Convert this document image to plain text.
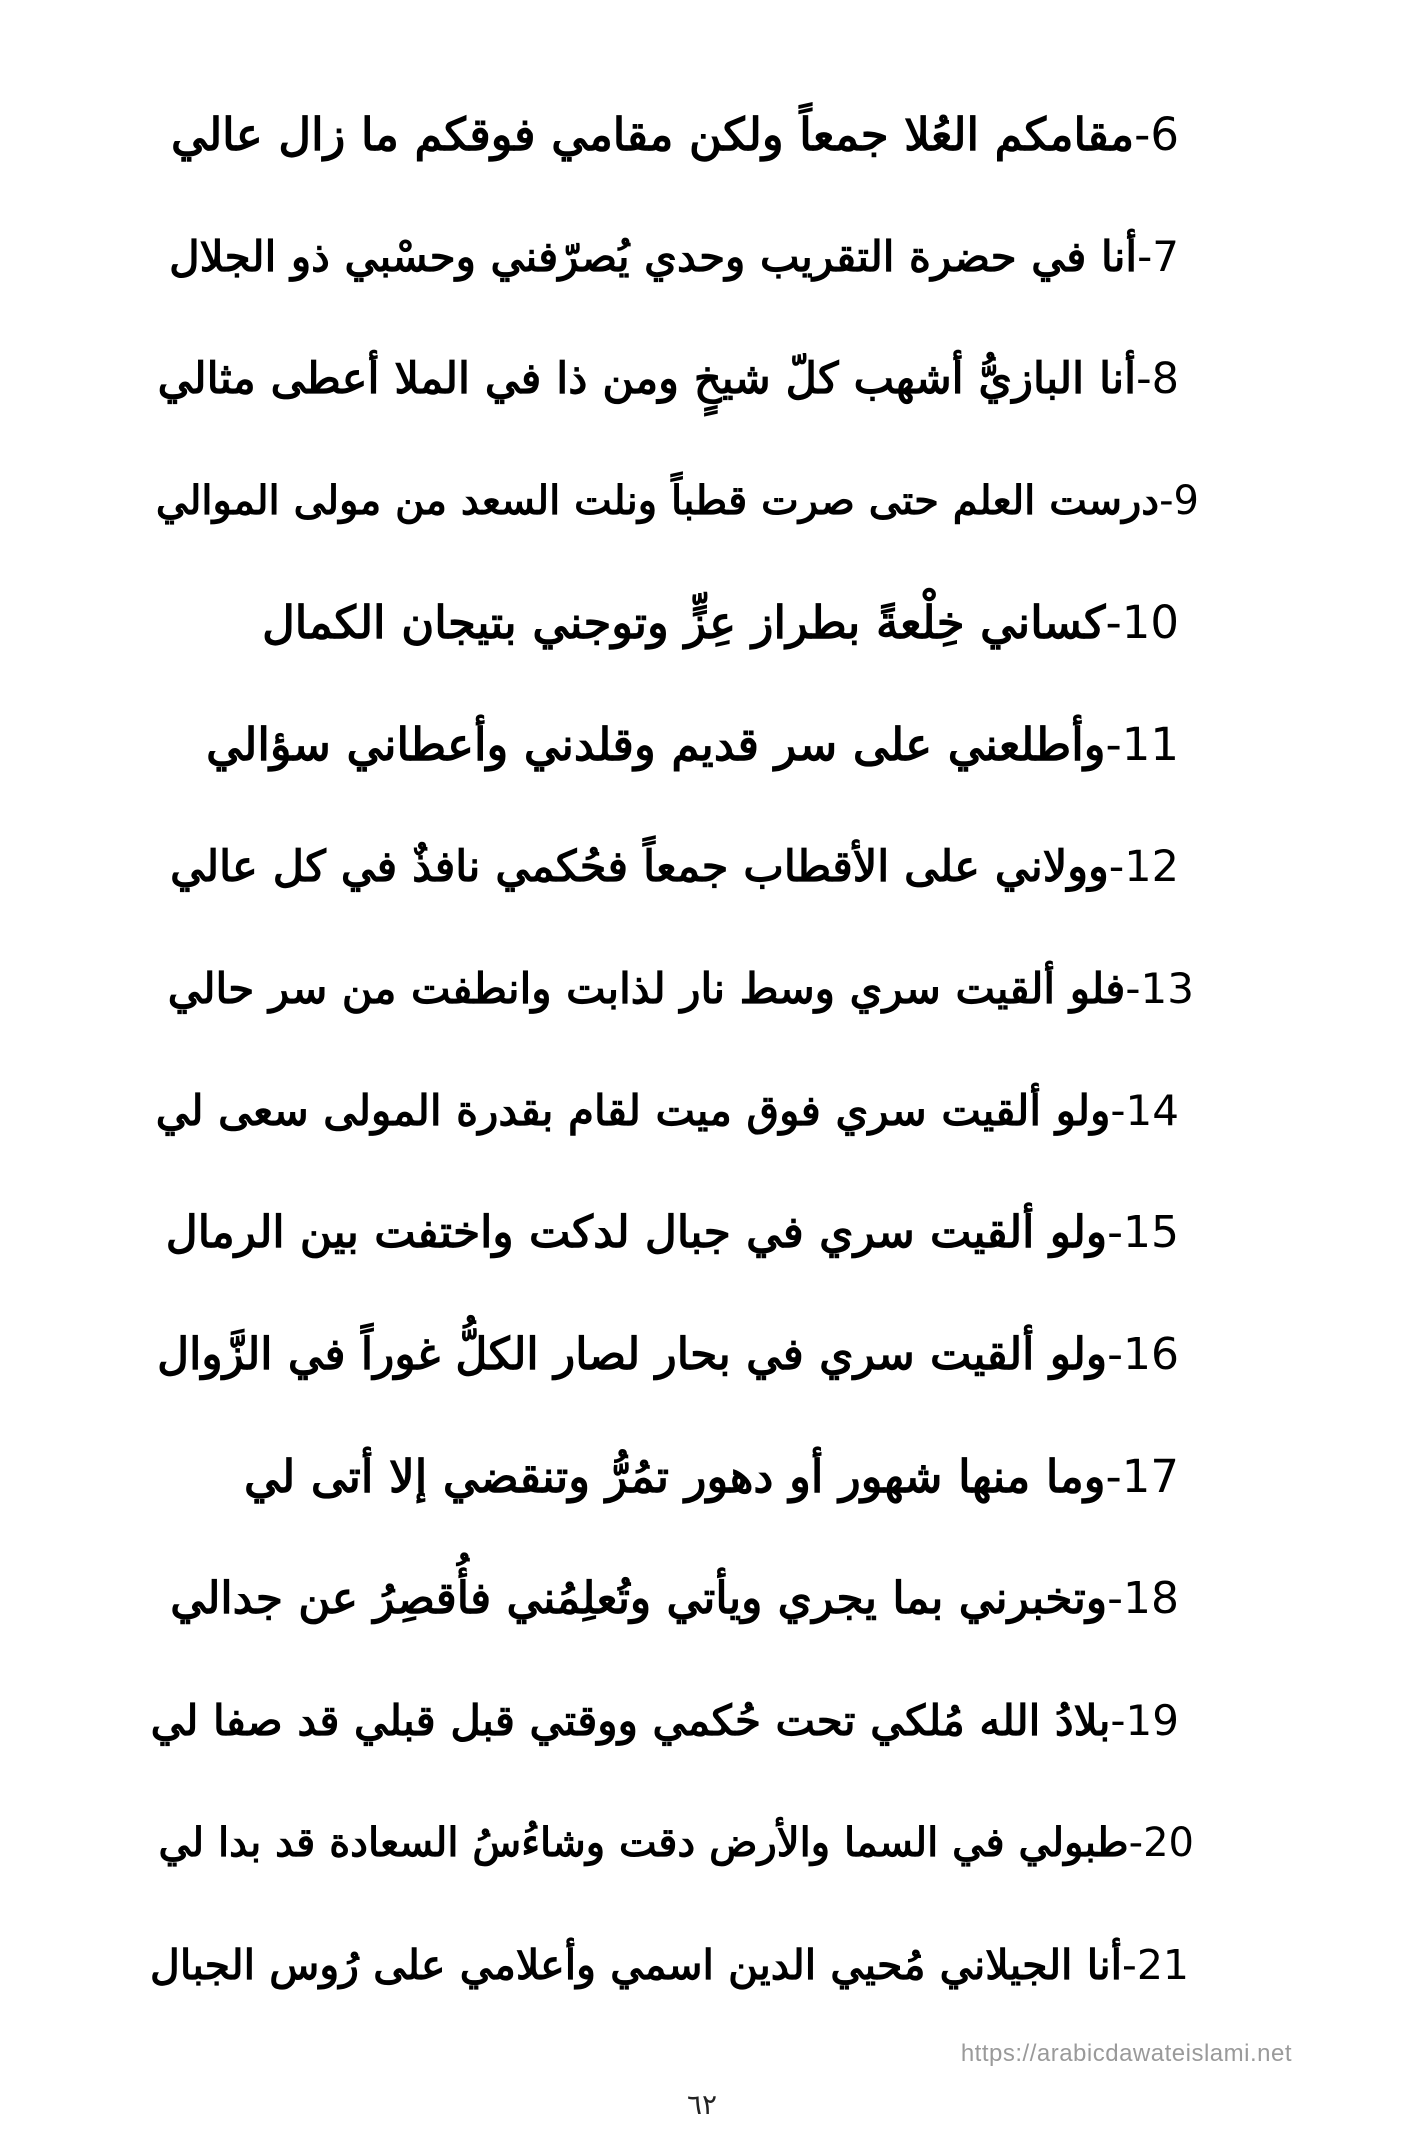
6-مقامكم العُلا جمعاً ولكن مقامي فوقكم ما زال عالي
7-أنا في حضرة التقريب وحدي يُصرّفني وحسْبي ذو الجلال
8-أنا البازيُّ أشهب كلّ شيخٍ ومن ذا في الملا أعطى مثالي
9-درست العلم حتى صرت قطباً ونلت السعد من مولى الموالي
10-كساني خِلْعةً بطراز عِزٍّ وتوجني بتيجان الكمال
11-وأطلعني على سر قديم وقلدني وأعطاني سؤالي
12-وولاني على الأقطاب جمعاً فحُكمي نافذٌ في كل عالي
13-فلو ألقيت سري وسط نار لذابت وانطفت من سر حالي
14-ولو ألقيت سري فوق ميت لقام بقدرة المولى سعى لي
15-ولو ألقيت سري في جبال لدكت واختفت بين الرمال
16-ولو ألقيت سري في بحار لصار الكلُّ غوراً في الزَّوال
17-وما منها شهور أو دهور تمُرُّ وتنقضي إلا أتى لي
18-وتخبرني بما يجري ويأتي وتُعلِمُني فأُقصِرُ عن جدالي
19-بلادُ الله مُلكي تحت حُكمي ووقتي قبل قبلي قد صفا لي
20-طبولي في السما والأرض دقت وشاءُسُ السعادة قد بدا لي
21-أنا الجيلاني مُحيي الدين اسمي وأعلامي على رُوس الجبال
https://arabicdawateislami.net
٦٢
